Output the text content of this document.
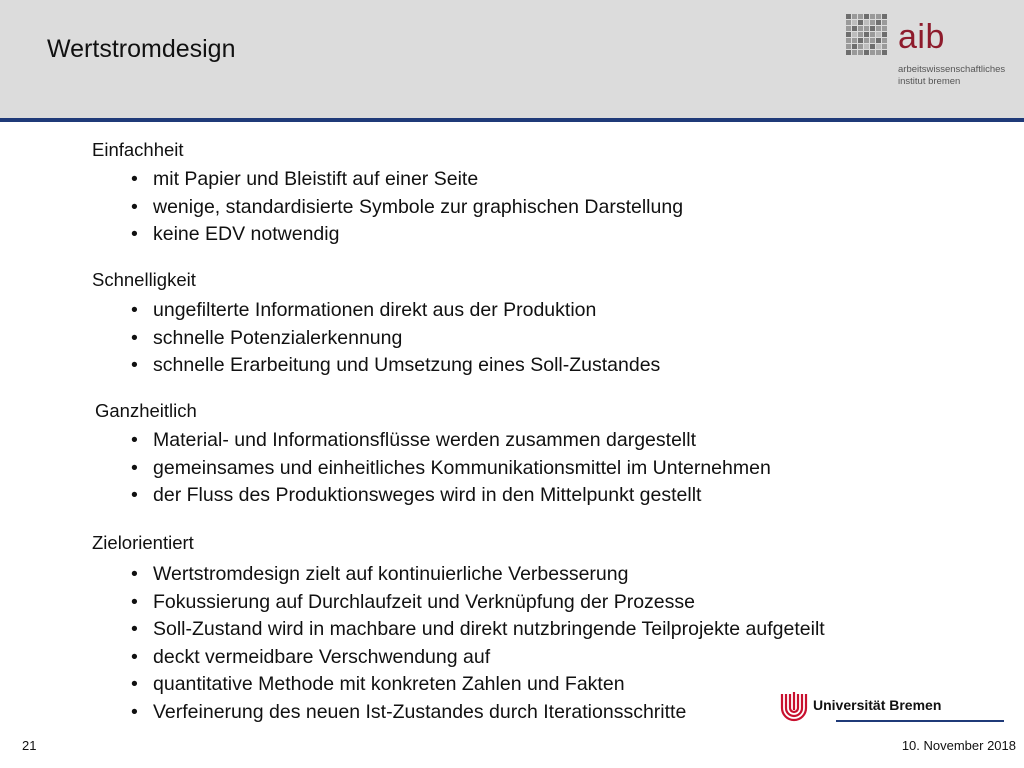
Wertstromdesign	aib
arbeitswissenschaftliches
institut bremen
Einfachheit
• mit Papier und Bleistift auf einer Seite
• wenige, standardisierte Symbole zur graphischen Darstellung
• keine EDV notwendig
Schnelligkeit
• ungefilterte Informationen direkt aus der Produktion
• schnelle Potenzialerkennung
• schnelle Erarbeitung und Umsetzung eines Soll-Zustandes
Ganzheitlich
• Material- und Informationsflüsse werden zusammen dargestellt
• gemeinsames und einheitliches Kommunikationsmittel im Unternehmen
• der Fluss des Produktionsweges wird in den Mittelpunkt gestellt
Zielorientiert
• Wertstromdesign zielt auf kontinuierliche Verbesserung
• Fokussierung auf Durchlaufzeit und Verknüpfung der Prozesse
• Soll-Zustand wird in machbare und direkt nutzbringende Teilprojekte aufgeteilt
• deckt vermeidbare Verschwendung auf
• quantitative Methode mit konkreten Zahlen und Fakten
• Verfeinerung des neuen Ist-Zustandes durch Iterationsschritte	Universität Bremen
21	10. November 2018
